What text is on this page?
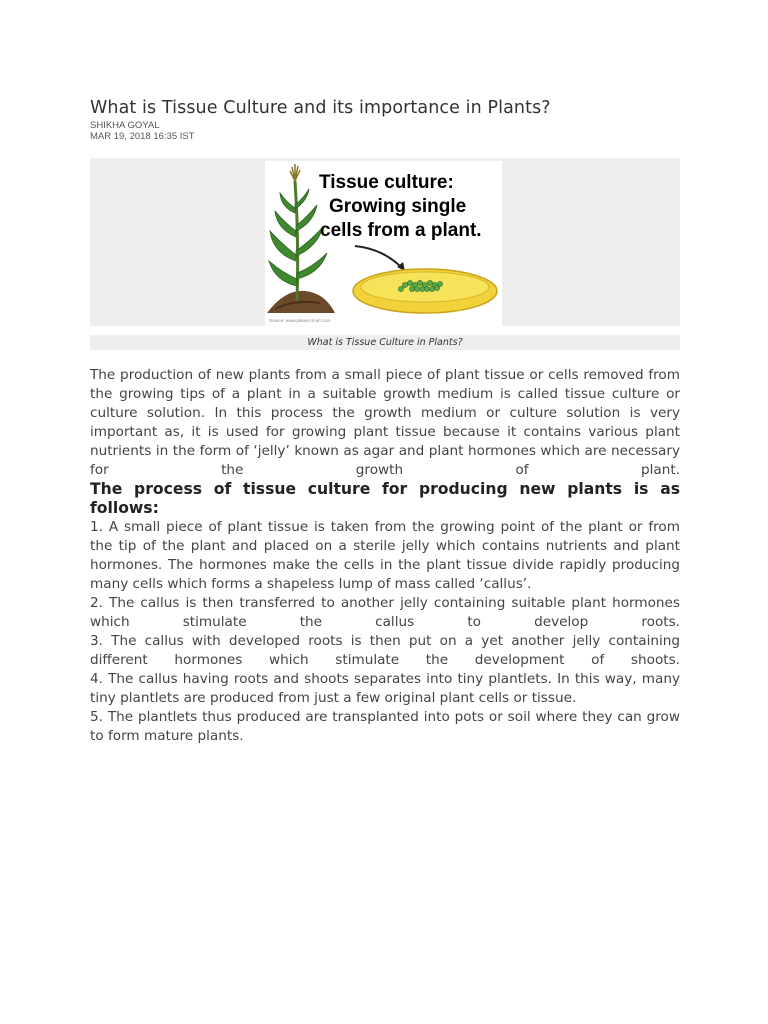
What is Tissue Culture and its importance in Plants?
SHIKHA GOYAL
MAR 19, 2018 16:35 IST
Tissue culture:
Growing single
cells from a plant.
Source: www.planet-of-art.com
What is Tissue Culture in Plants?

The production of new plants from a small piece of plant tissue or cells removed from the growing tips of a plant in a suitable growth medium is called tissue culture or culture solution. In this process the growth medium or culture solution is very important as, it is used for growing plant tissue because it contains various plant nutrients in the form of ‘jelly’ known as agar and plant hormones which are necessary for the growth of plant.

The process of tissue culture for producing new plants is as follows:

1. A small piece of plant tissue is taken from the growing point of the plant or from the tip of the plant and placed on a sterile jelly which contains nutrients and plant hormones. The hormones make the cells in the plant tissue divide rapidly producing many cells which forms a shapeless lump of mass called ‘callus’.

2. The callus is then transferred to another jelly containing suitable plant hormones which stimulate the callus to develop roots.

3. The callus with developed roots is then put on a yet another jelly containing different hormones which stimulate the development of shoots.

4. The callus having roots and shoots separates into tiny plantlets. In this way, many tiny plantlets are produced from just a few original plant cells or tissue.

5. The plantlets thus produced are transplanted into pots or soil where they can grow to form mature plants.
